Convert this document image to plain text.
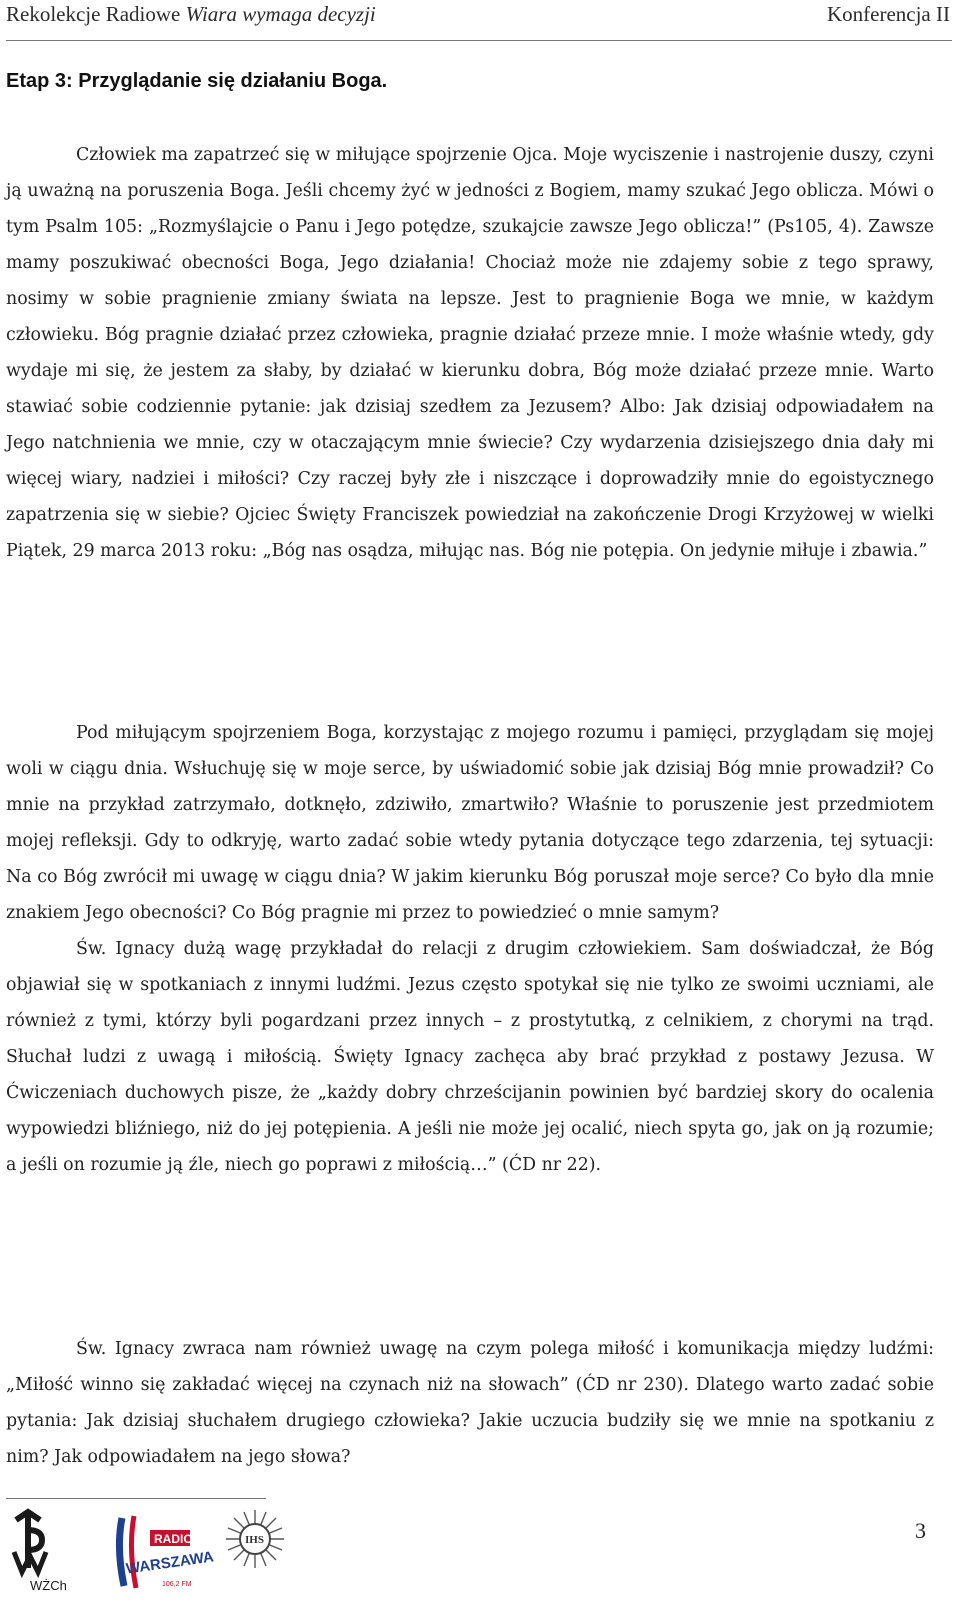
Rekolekcje Radiowe Wiara wymaga decyzji	Konferencja II
Etap 3: Przyglądanie się działaniu Boga.

Człowiek ma zapatrzeć się w miłujące spojrzenie Ojca. Moje wyciszenie i nastrojenie duszy, czyni ją uważną na poruszenia Boga. Jeśli chcemy żyć w jedności z Bogiem, mamy szukać Jego oblicza. Mówi o tym Psalm 105: „Rozmyślajcie o Panu i Jego potędze, szukajcie zawsze Jego oblicza!” (Ps105, 4). Zawsze mamy poszukiwać obecności Boga, Jego działania! Chociaż może nie zdajemy sobie z tego sprawy, nosimy w sobie pragnienie zmiany świata na lepsze. Jest to pragnienie Boga we mnie, w każdym człowieku. Bóg pragnie działać przez człowieka, pragnie działać przeze mnie. I może właśnie wtedy, gdy wydaje mi się, że jestem za słaby, by działać w kierunku dobra, Bóg może działać przeze mnie. Warto stawiać sobie codziennie pytanie: jak dzisiaj szedłem za Jezusem? Albo: Jak dzisiaj odpowiadałem na Jego natchnienia we mnie, czy w otaczającym mnie świecie? Czy wydarzenia dzisiejszego dnia dały mi więcej wiary, nadziei i miłości? Czy raczej były złe i niszczące i doprowadziły mnie do egoistycznego zapatrzenia się w siebie? Ojciec Święty Franciszek powiedział na zakończenie Drogi Krzyżowej w wielki Piątek, 29 marca 2013 roku: „Bóg nas osądza, miłując nas. Bóg nie potępia. On jedynie miłuje i zbawia.”

Pod miłującym spojrzeniem Boga, korzystając z mojego rozumu i pamięci, przyglądam się mojej woli w ciągu dnia. Wsłuchuję się w moje serce, by uświadomić sobie jak dzisiaj Bóg mnie prowadził? Co mnie na przykład zatrzymało, dotknęło, zdziwiło, zmartwiło? Właśnie to poruszenie jest przedmiotem mojej refleksji. Gdy to odkryję, warto zadać sobie wtedy pytania dotyczące tego zdarzenia, tej sytuacji: Na co Bóg zwrócił mi uwagę w ciągu dnia? W jakim kierunku Bóg poruszał moje serce? Co było dla mnie znakiem Jego obecności? Co Bóg pragnie mi przez to powiedzieć o mnie samym?
Św. Ignacy dużą wagę przykładał do relacji z drugim człowiekiem. Sam doświadczał, że Bóg objawiał się w spotkaniach z innymi ludźmi. Jezus często spotykał się nie tylko ze swoimi uczniami, ale również z tymi, którzy byli pogardzani przez innych – z prostytutką, z celnikiem, z chorymi na trąd. Słuchał ludzi z uwagą i miłością. Święty Ignacy zachęca aby brać przykład z postawy Jezusa. W Ćwiczeniach duchowych pisze, że „każdy dobry chrześcijanin powinien być bardziej skory do ocalenia wypowiedzi bliźniego, niż do jej potępienia. A jeśli nie może jej ocalić, niech spyta go, jak on ją rozumie; a jeśli on rozumie ją źle, niech go poprawi z miłością…” (ĆD nr 22).

Św. Ignacy zwraca nam również uwagę na czym polega miłość i komunikacja między ludźmi: „Miłość winno się zakładać więcej na czynach niż na słowach” (ĆD nr 230). Dlatego warto zadać sobie pytania: Jak dzisiaj słuchałem drugiego człowieka? Jakie uczucia budziły się we mnie na spotkaniu z nim? Jak odpowiadałem na jego słowa?

WŻCh
RADIO
WARSZAWA
106,2 FM
IHS	3
